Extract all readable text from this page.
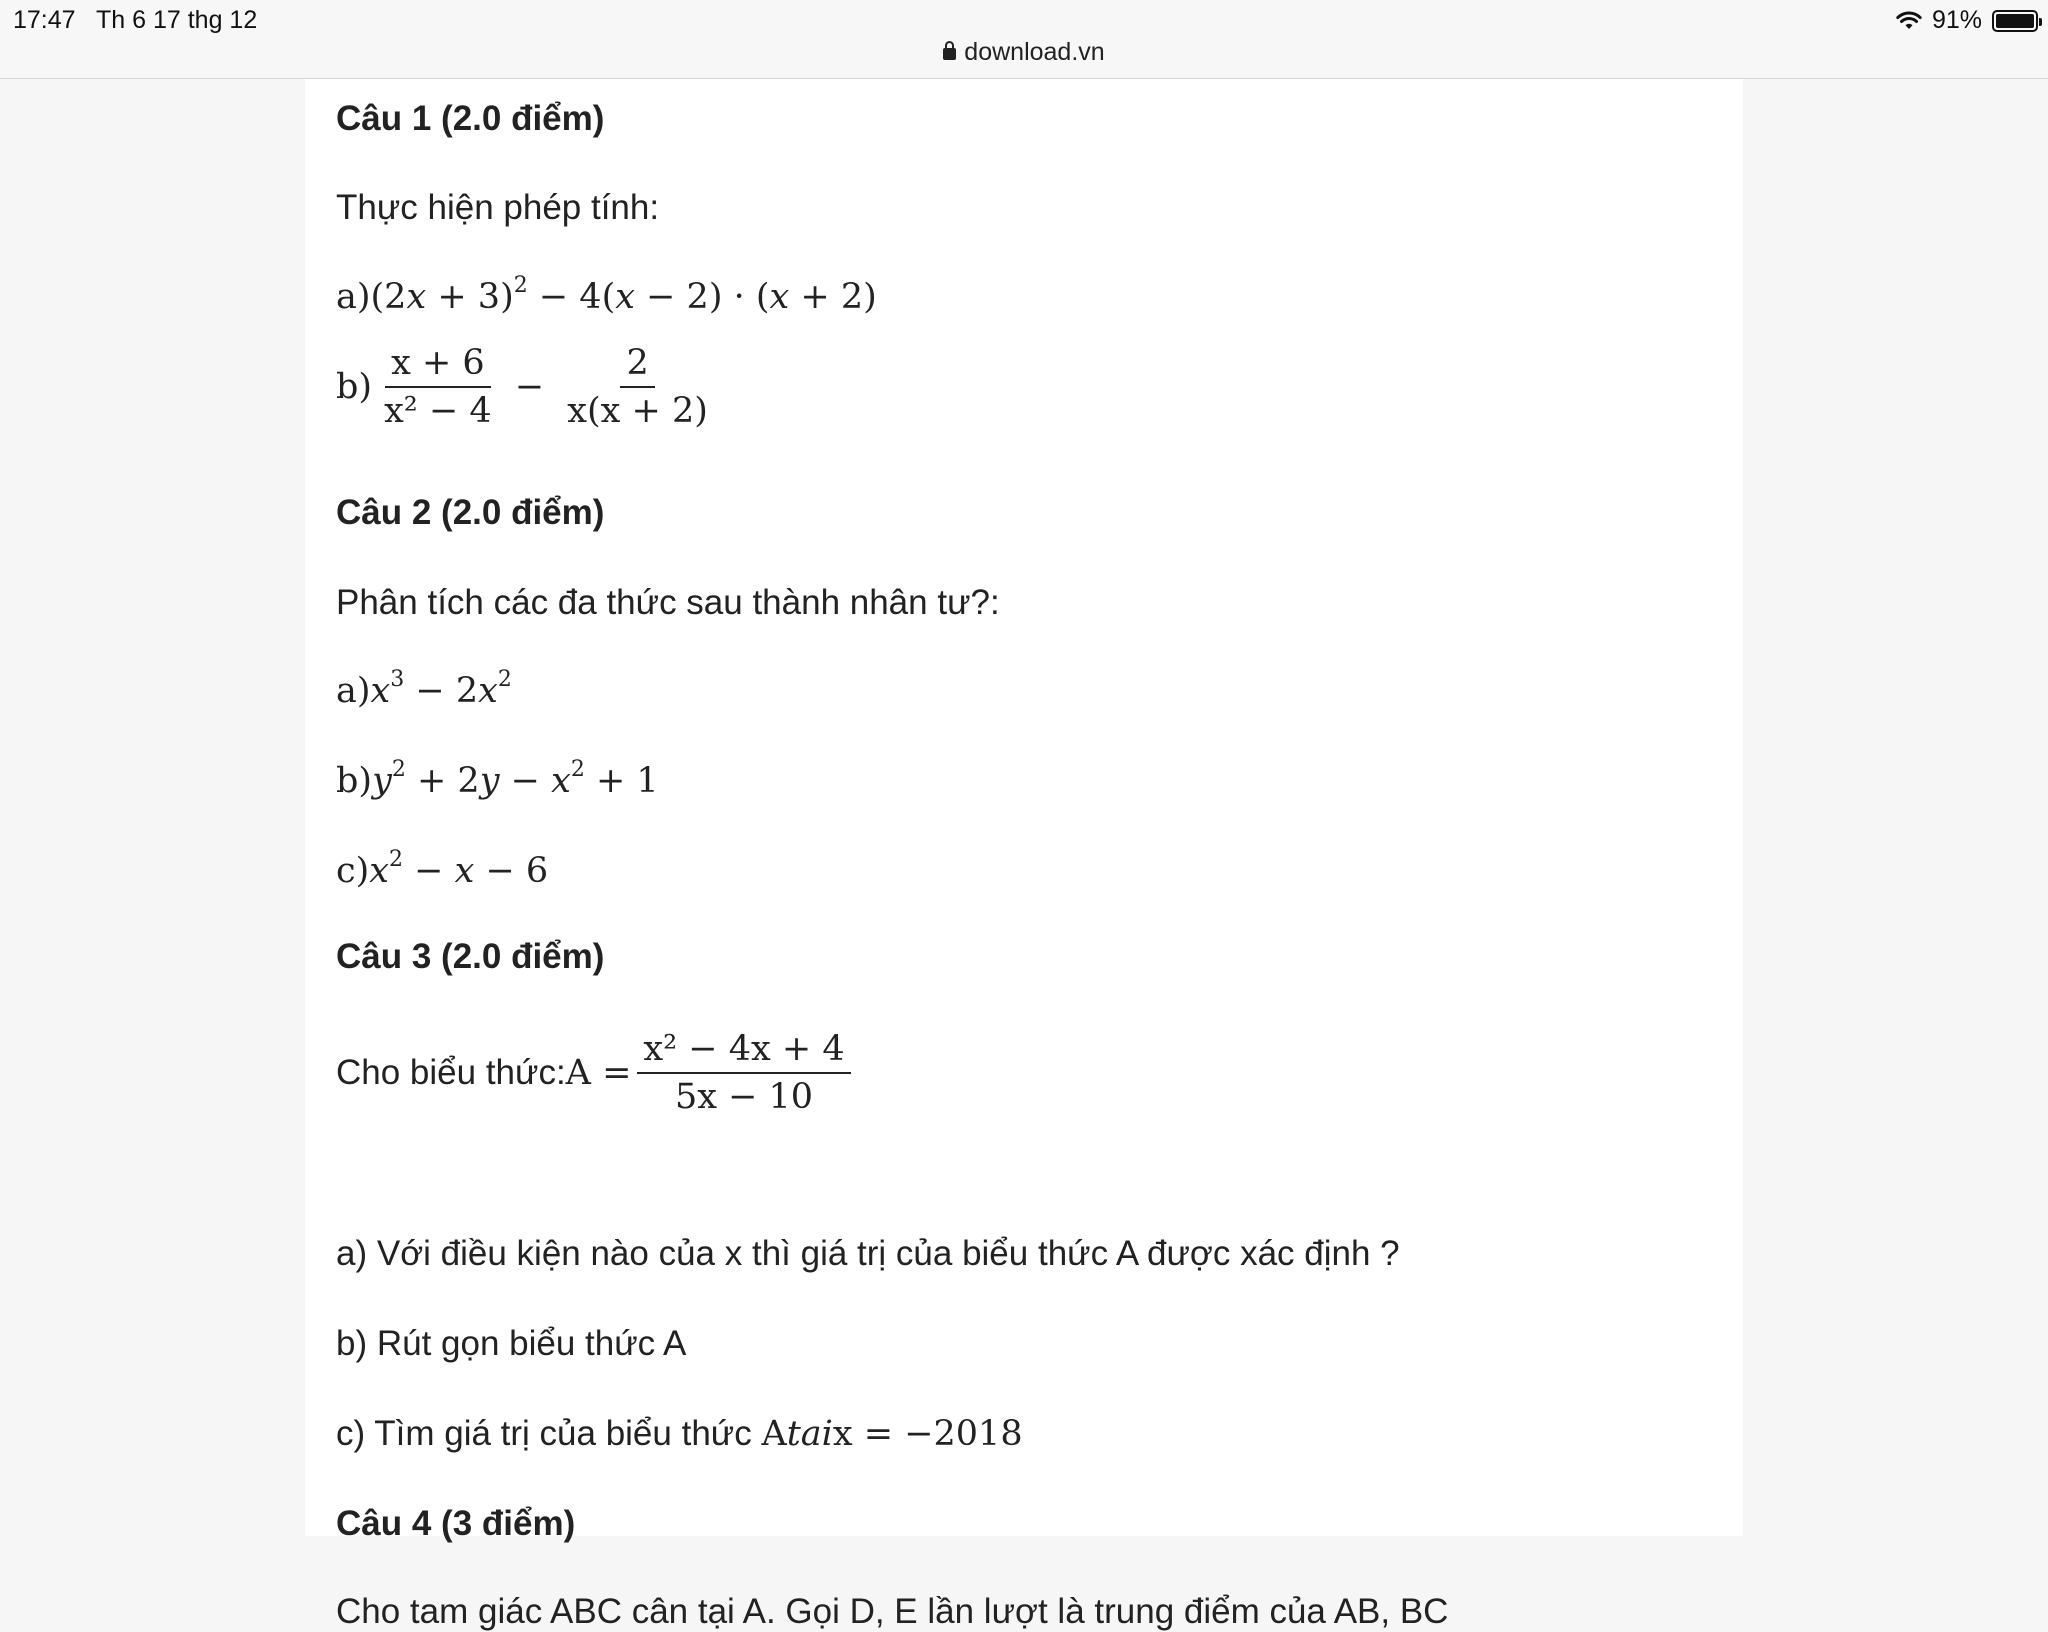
17:47 Th 6 17 thg 12	91%
download.vn
Câu 1 (2.0 điểm)
Thực hiện phép tính:
$a)(2x + 3)^2 - 4(x - 2) \cdot (x + 2)$
$b) \frac{x + 6}{\text{x² − 4}} - \frac{2}{x(x + 2)}$
Câu 2 (2.0 điểm)
Phân tích các đa thức sau thành nhân tư?:
$a)x^3 - 2x^2$
$b)y^2 + 2y - x^2 + 1$
$c)x^2 - x - 6$
Câu 3 (2.0 điểm)
Cho biểu thức: $A = \frac{\text{x² − 4x + 4}}{5x - 10}$
a) Với điều kiện nào của x thì giá trị của biểu thức A được xác định ?
b) Rút gọn biểu thức A
c) Tìm giá trị của biểu thức Ataix = −2018
Câu 4 (3 điểm)
Cho tam giác ABC cân tại A. Gọi D, E lần lượt là trung điểm của AB, BC
